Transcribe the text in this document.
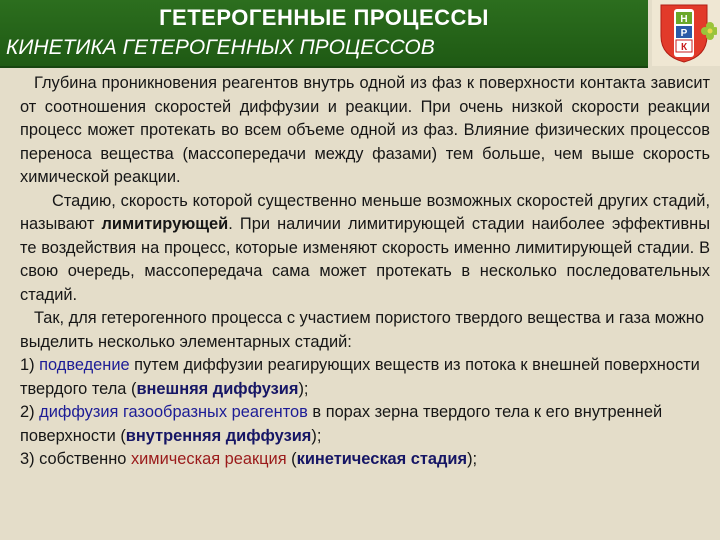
ГЕТЕРОГЕННЫЕ ПРОЦЕССЫ
КИНЕТИКА ГЕТЕРОГЕННЫХ ПРОЦЕССОВ
Н
Р
К

Глубина проникновения реагентов внутрь одной из фаз к поверхности контакта зависит от соотношения скоростей диффузии и реакции. При очень низкой скорости реакции процесс может протекать во всем объеме одной из фаз. Влияние физических процессов переноса вещества (массопередачи между фазами) тем больше, чем выше скорость химической реакции.

Стадию, скорость которой существенно меньше возможных скоростей других стадий, называют лимитирующей. При наличии лимитирующей стадии наиболее эффективны те воздействия на процесс, которые изменяют скорость именно лимитирующей стадии. В свою очередь, массопередача сама может протекать в несколько последовательных стадий.

Так, для гетерогенного процесса с участием пористого твердого вещества и газа можно выделить несколько элементарных стадий:

1) подведение путем диффузии реагирующих веществ из потока к внешней поверхности твердого тела (внешняя диффузия);

2) диффузия газообразных реагентов в порах зерна твердого тела к его внутренней поверхности (внутренняя диффузия);

3) собственно химическая реакция (кинетическая стадия);
